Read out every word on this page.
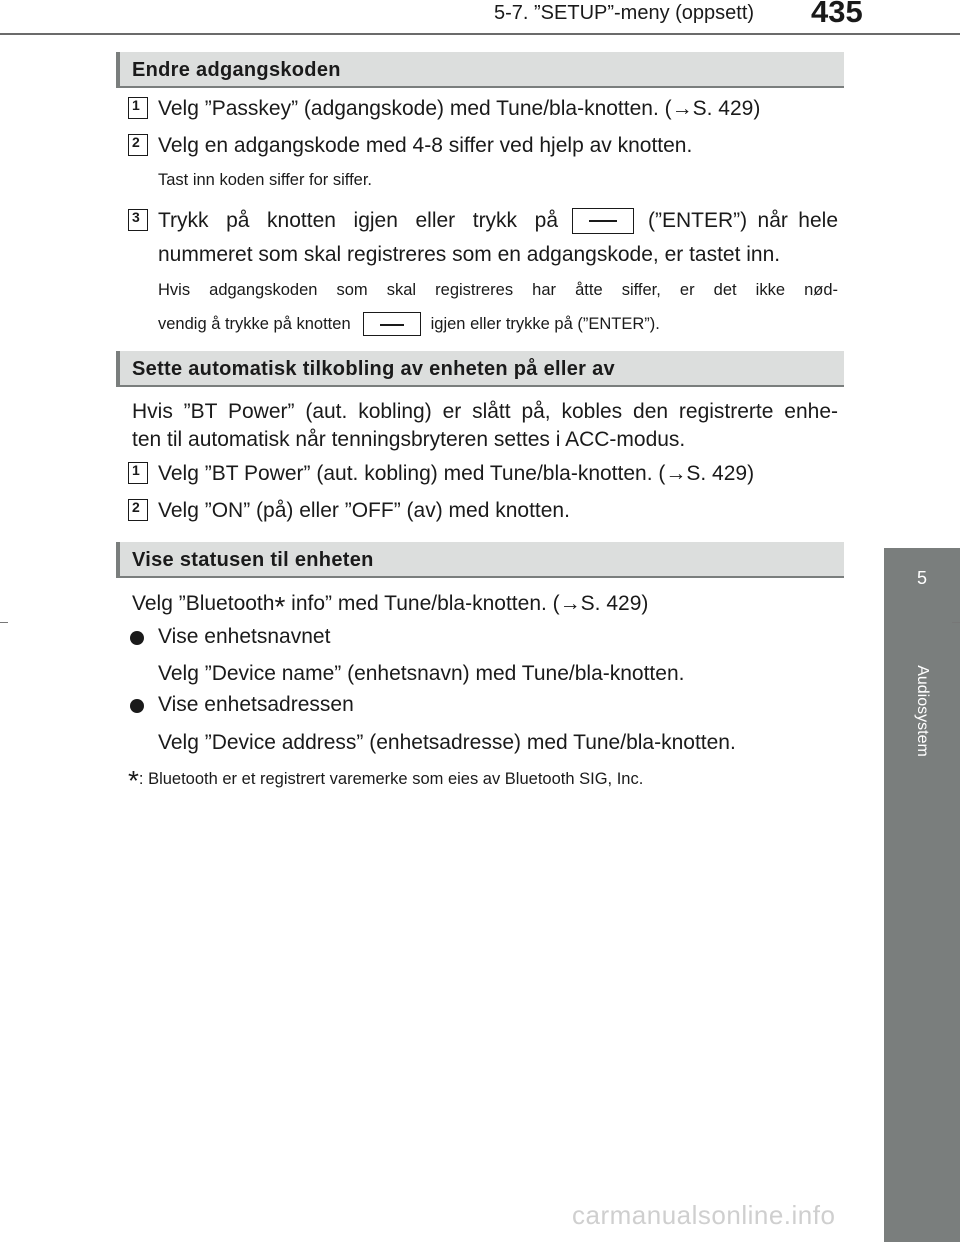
5-7. ”SETUP”-meny (oppsett) 435
5
Audiosystem
Endre adgangskoden
1 Velg ”Passkey” (adgangskode) med Tune/bla-knotten. (→S. 429)
2 Velg en adgangskode med 4-8 siffer ved hjelp av knotten.
Tast inn koden siffer for siffer.
3 Trykk på knotten igjen eller trykk på	(”ENTER”) når hele
nummeret som skal registreres som en adgangskode, er tastet inn.
Hvis adgangskoden som skal registreres har åtte siffer, er det ikke nød-
vendig å trykke på knotten	igjen eller trykke på (”ENTER”).
Sette automatisk tilkobling av enheten på eller av
Hvis ”BT Power” (aut. kobling) er slått på, kobles den registrerte enhe-
ten til automatisk når tenningsbryteren settes i ACC-modus.
1 Velg ”BT Power” (aut. kobling) med Tune/bla-knotten. (→S. 429)
2 Velg ”ON” (på) eller ”OFF” (av) med knotten.
Vise statusen til enheten
Velg ”Bluetooth* info” med Tune/bla-knotten. (→S. 429)
Vise enhetsnavnet
Velg ”Device name” (enhetsnavn) med Tune/bla-knotten.
Vise enhetsadressen
Velg ”Device address” (enhetsadresse) med Tune/bla-knotten.
*: Bluetooth er et registrert varemerke som eies av Bluetooth SIG, Inc.
carmanualsonline.info
